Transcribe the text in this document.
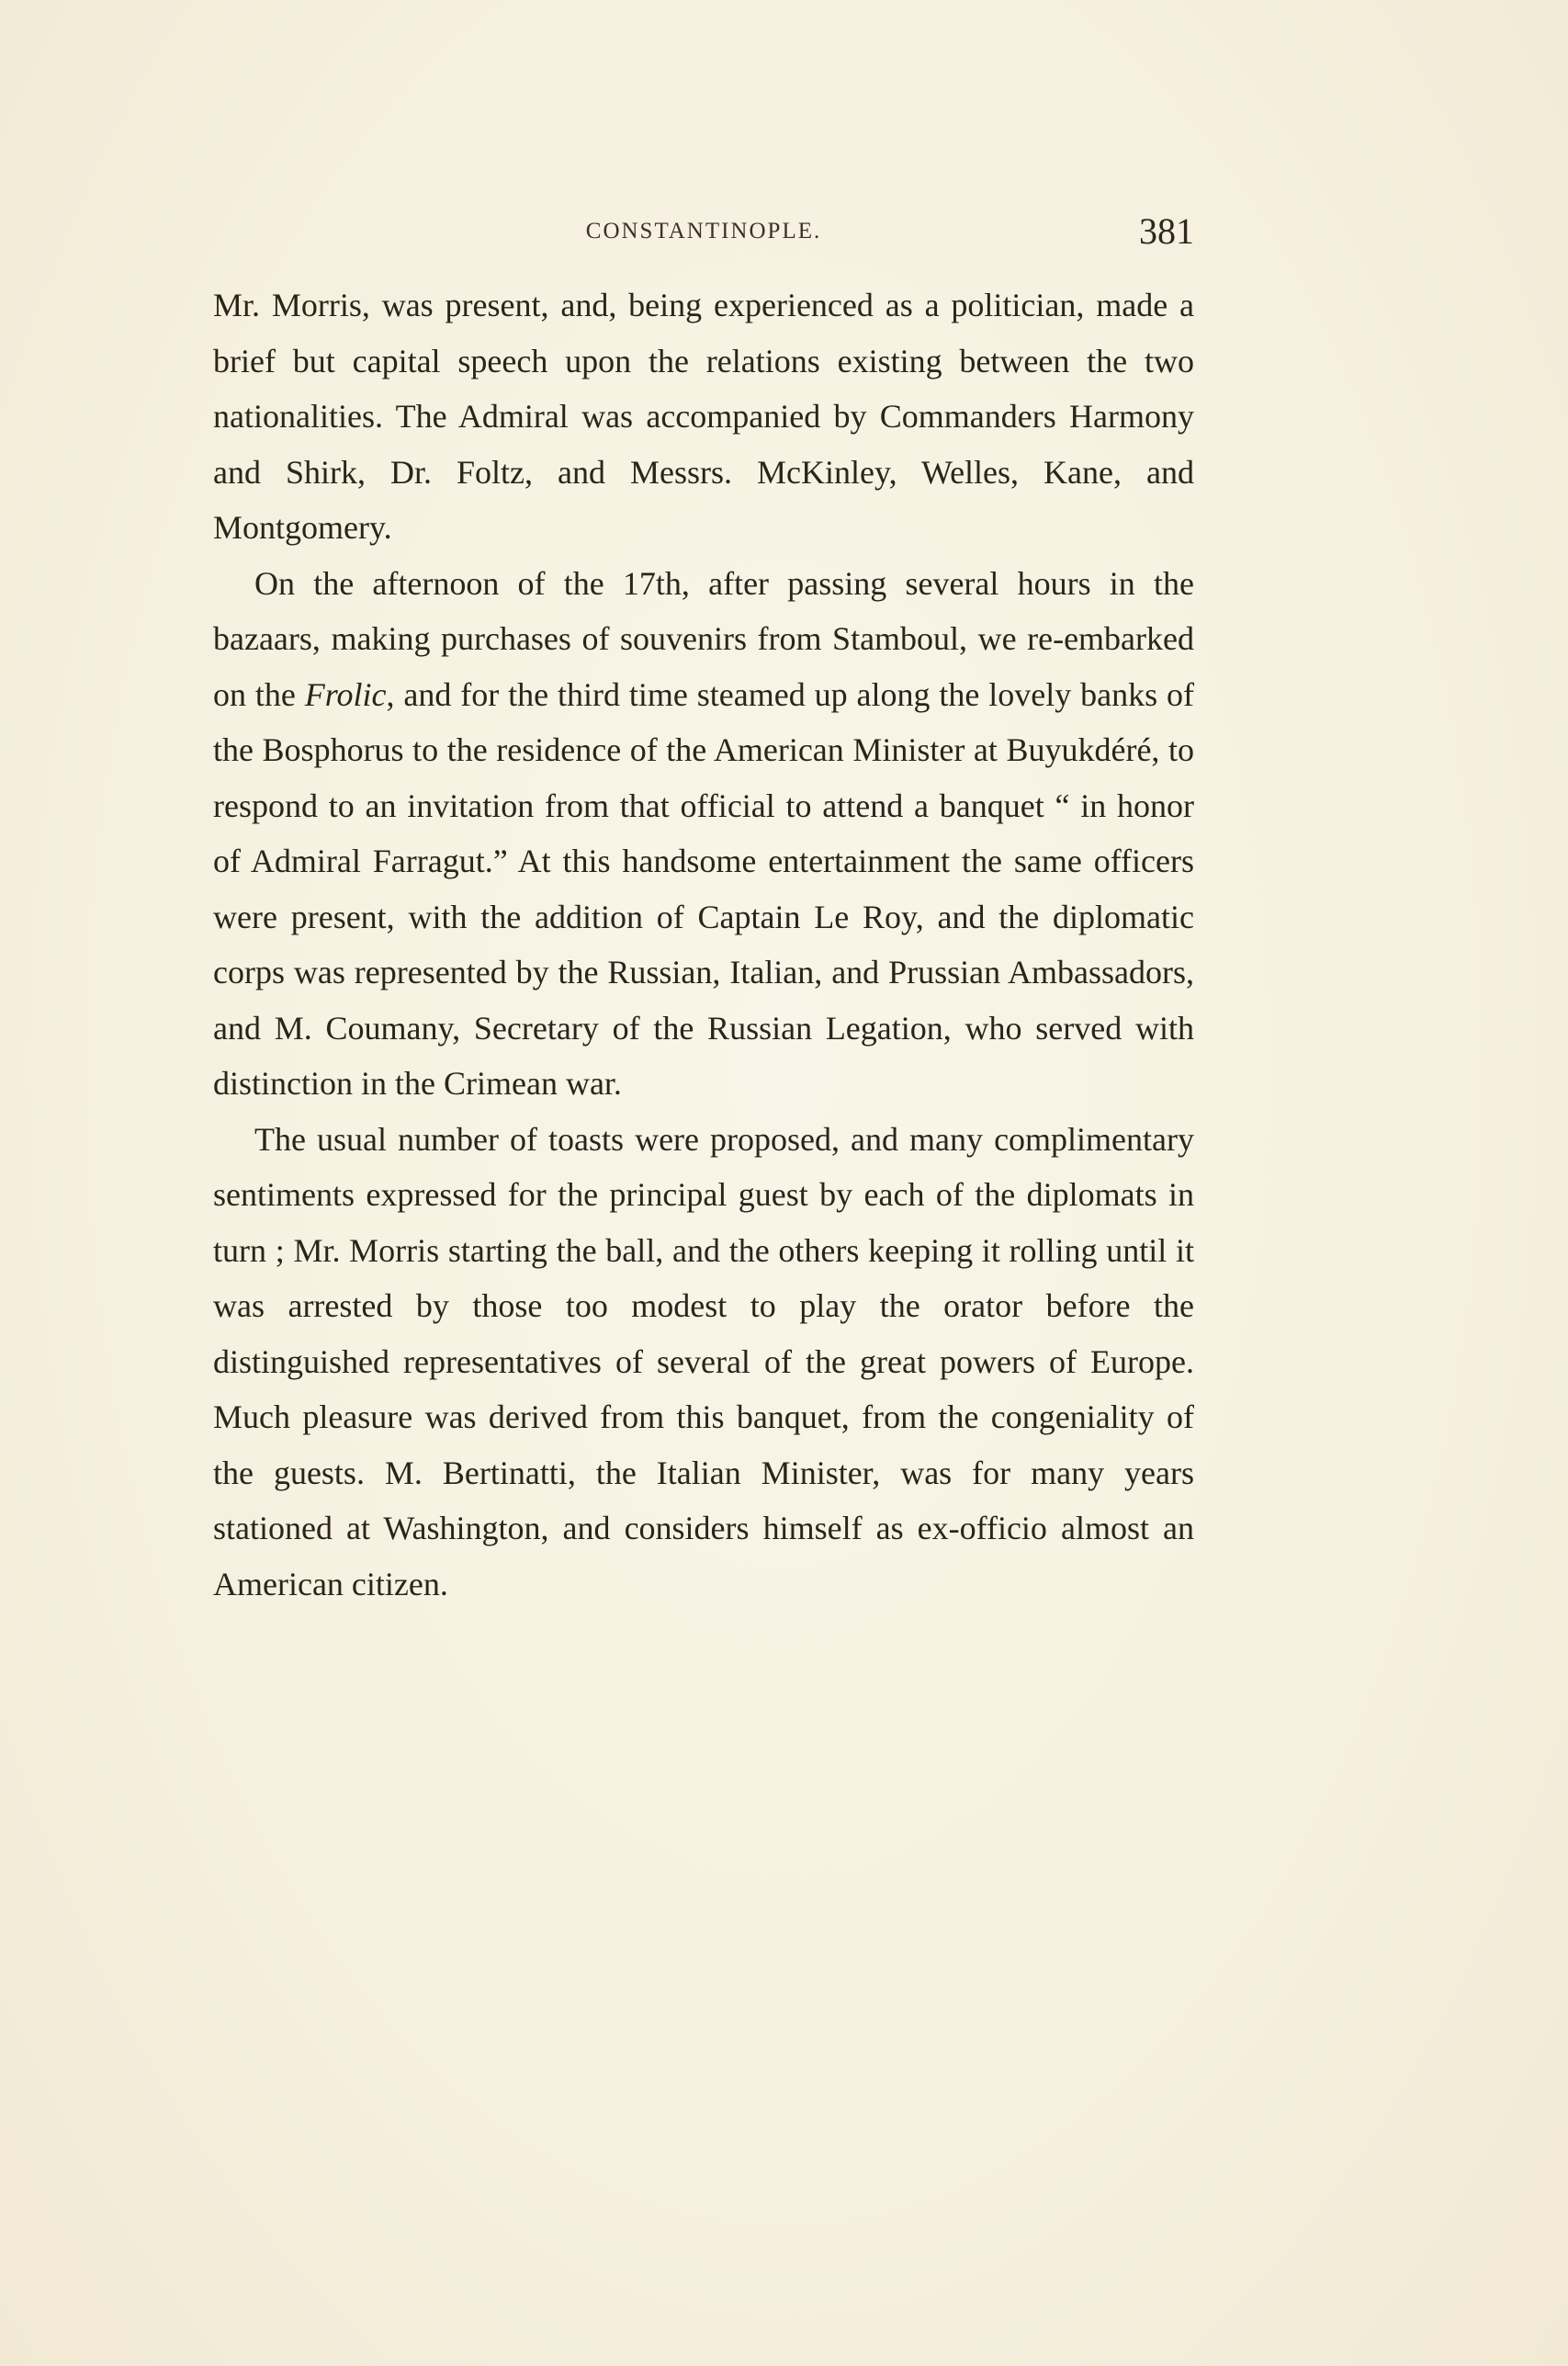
CONSTANTINOPLE.	381

Mr. Morris, was present, and, being experienced as a politician, made a brief but capital speech upon the relations existing between the two nationalities. The Admiral was accompanied by Commanders Harmony and Shirk, Dr. Foltz, and Messrs. McKinley, Welles, Kane, and Montgomery.

On the afternoon of the 17th, after passing several hours in the bazaars, making purchases of souvenirs from Stamboul, we re-embarked on the Frolic, and for the third time steamed up along the lovely banks of the Bosphorus to the residence of the American Minister at Buyukdéré, to respond to an invitation from that official to attend a banquet “ in honor of Admiral Farragut.” At this handsome entertainment the same officers were present, with the addition of Captain Le Roy, and the diplomatic corps was represented by the Russian, Italian, and Prussian Ambassadors, and M. Coumany, Secretary of the Russian Legation, who served with distinction in the Crimean war.

The usual number of toasts were proposed, and many complimentary sentiments expressed for the principal guest by each of the diplomats in turn ; Mr. Morris starting the ball, and the others keeping it rolling until it was arrested by those too modest to play the orator before the distinguished representatives of several of the great powers of Europe. Much pleasure was derived from this banquet, from the congeniality of the guests. M. Bertinatti, the Italian Minister, was for many years stationed at Washington, and considers himself as ex-officio almost an American citizen.
